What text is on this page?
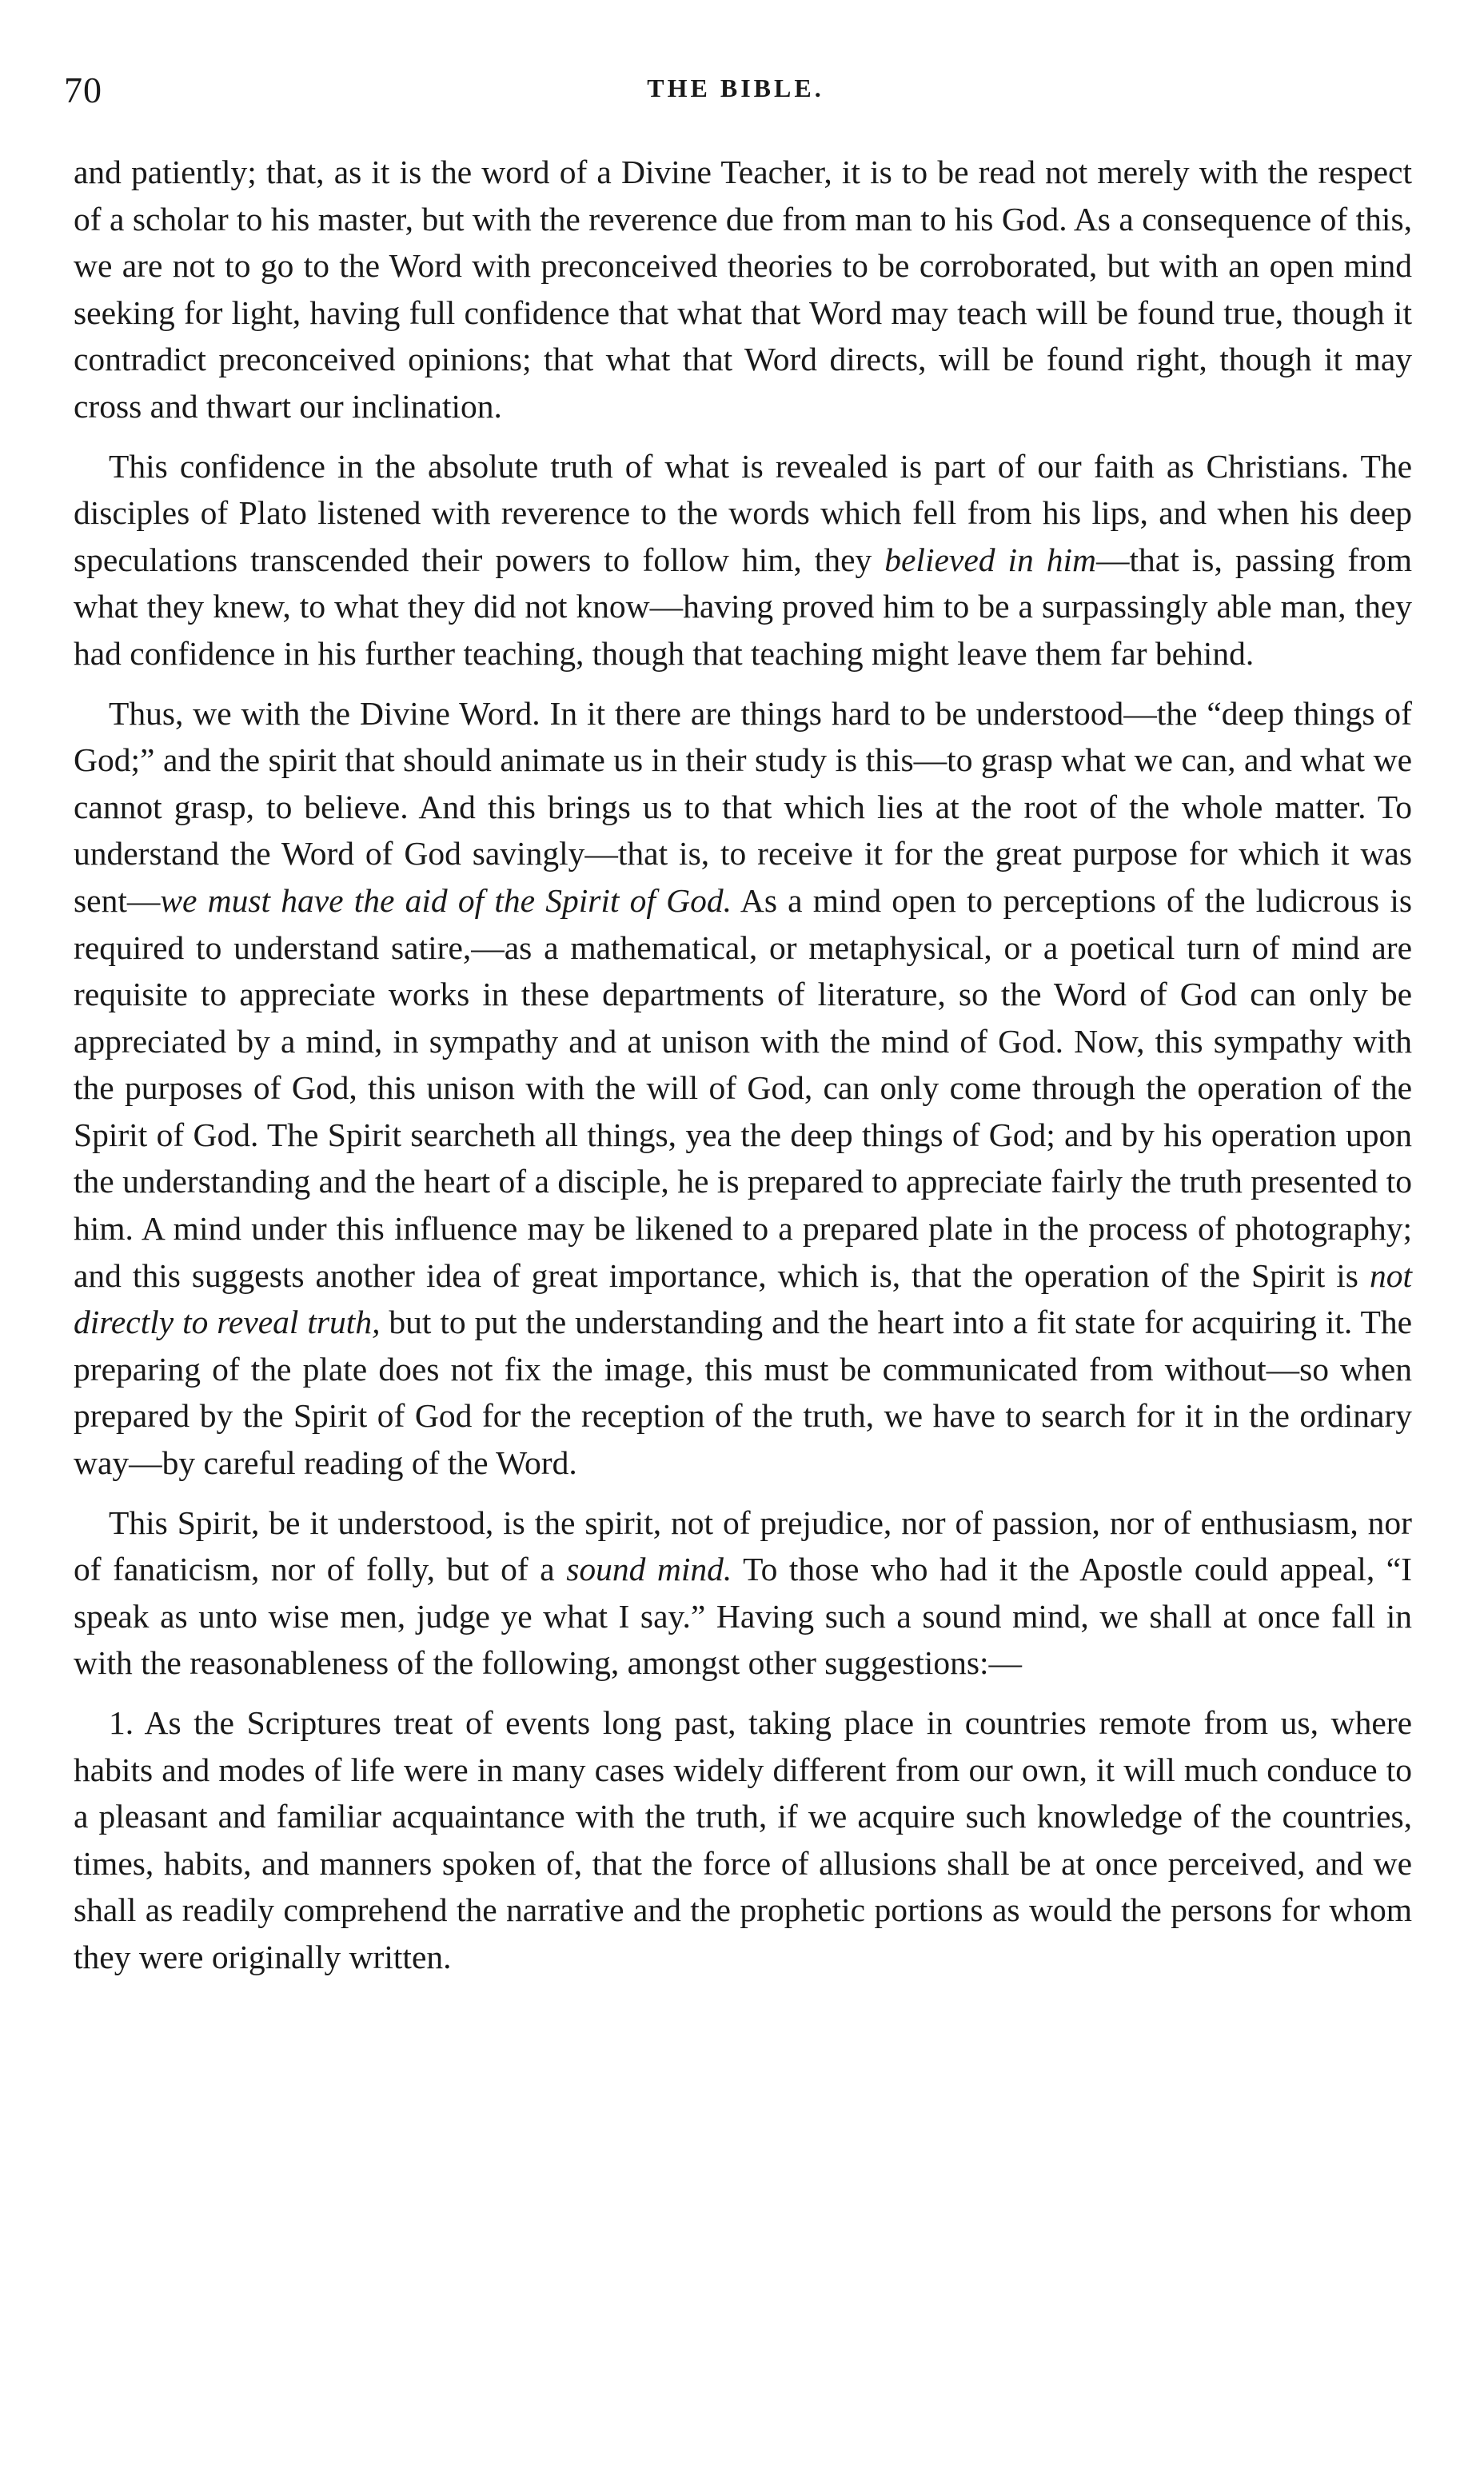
70	THE BIBLE.

and patiently; that, as it is the word of a Divine Teacher, it is to be read not merely with the respect of a scholar to his master, but with the reverence due from man to his God. As a consequence of this, we are not to go to the Word with preconceived theories to be corroborated, but with an open mind seeking for light, having full confidence that what that Word may teach will be found true, though it contradict preconceived opinions; that what that Word directs, will be found right, though it may cross and thwart our inclination.

This confidence in the absolute truth of what is revealed is part of our faith as Christians. The disciples of Plato listened with reverence to the words which fell from his lips, and when his deep speculations transcended their powers to follow him, they believed in him—that is, passing from what they knew, to what they did not know—having proved him to be a surpassingly able man, they had confidence in his further teaching, though that teaching might leave them far behind.

Thus, we with the Divine Word. In it there are things hard to be understood—the “deep things of God;” and the spirit that should animate us in their study is this—to grasp what we can, and what we cannot grasp, to believe. And this brings us to that which lies at the root of the whole matter. To understand the Word of God savingly—that is, to receive it for the great purpose for which it was sent—we must have the aid of the Spirit of God. As a mind open to perceptions of the ludicrous is required to understand satire,—as a mathematical, or metaphysical, or a poetical turn of mind are requisite to appreciate works in these departments of literature, so the Word of God can only be appreciated by a mind, in sympathy and at unison with the mind of God. Now, this sympathy with the purposes of God, this unison with the will of God, can only come through the operation of the Spirit of God. The Spirit searcheth all things, yea the deep things of God; and by his operation upon the understanding and the heart of a disciple, he is prepared to appreciate fairly the truth presented to him. A mind under this influence may be likened to a prepared plate in the process of photography; and this suggests another idea of great importance, which is, that the operation of the Spirit is not directly to reveal truth, but to put the understanding and the heart into a fit state for acquiring it. The preparing of the plate does not fix the image, this must be communicated from without—so when prepared by the Spirit of God for the reception of the truth, we have to search for it in the ordinary way—by careful reading of the Word.

This Spirit, be it understood, is the spirit, not of prejudice, nor of passion, nor of enthusiasm, nor of fanaticism, nor of folly, but of a sound mind. To those who had it the Apostle could appeal, “I speak as unto wise men, judge ye what I say.” Having such a sound mind, we shall at once fall in with the reasonableness of the following, amongst other suggestions:—

1. As the Scriptures treat of events long past, taking place in countries remote from us, where habits and modes of life were in many cases widely different from our own, it will much conduce to a pleasant and familiar acquaintance with the truth, if we acquire such knowledge of the countries, times, habits, and manners spoken of, that the force of allusions shall be at once perceived, and we shall as readily comprehend the narrative and the prophetic portions as would the persons for whom they were originally written.
